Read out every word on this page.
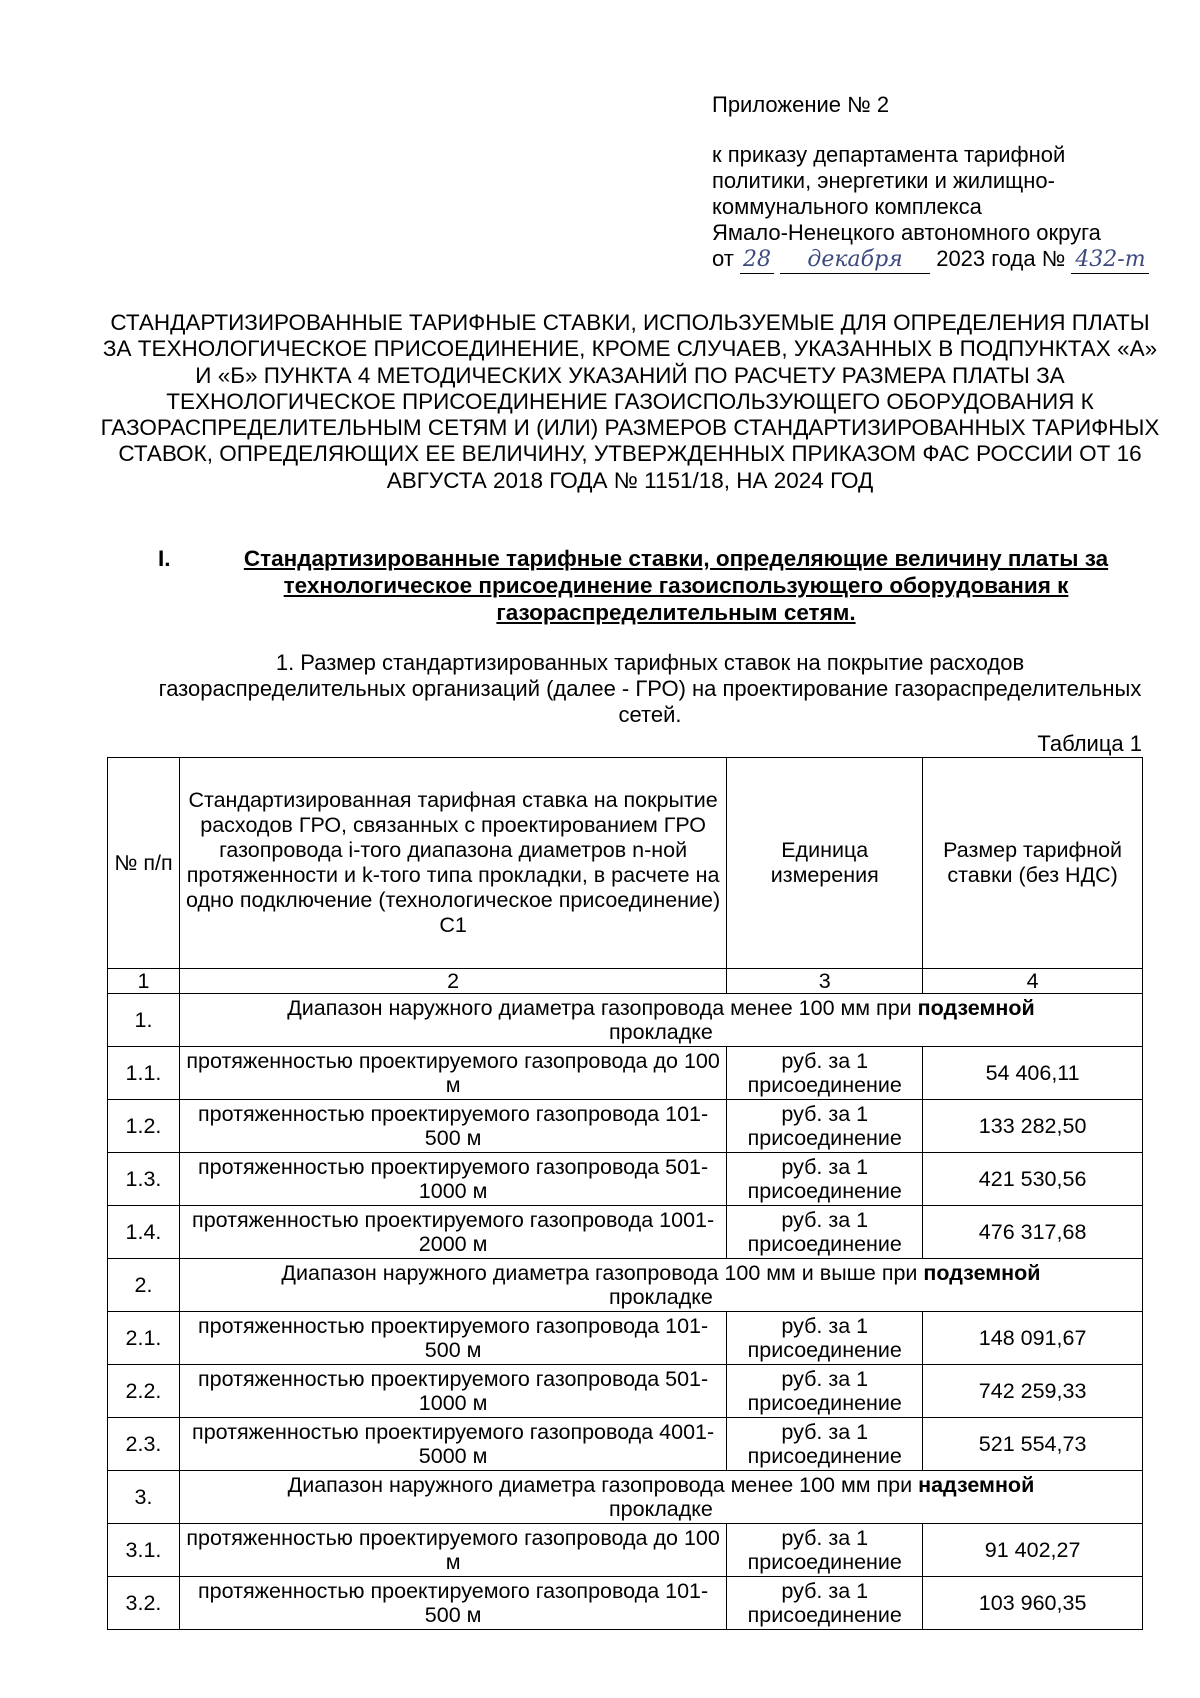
Приложение № 2
к приказу департамента тарифной
политики, энергетики и жилищно-
коммунального комплекса
Ямало-Ненецкого автономного округа
от 28 декабря 2023 года № 432-т
СТАНДАРТИЗИРОВАННЫЕ ТАРИФНЫЕ СТАВКИ, ИСПОЛЬЗУЕМЫЕ ДЛЯ ОПРЕДЕЛЕНИЯ ПЛАТЫ ЗА ТЕХНОЛОГИЧЕСКОЕ ПРИСОЕДИНЕНИЕ, КРОМЕ СЛУЧАЕВ, УКАЗАННЫХ В ПОДПУНКТАХ «А» И «Б» ПУНКТА 4 МЕТОДИЧЕСКИХ УКАЗАНИЙ ПО РАСЧЕТУ РАЗМЕРА ПЛАТЫ ЗА ТЕХНОЛОГИЧЕСКОЕ ПРИСОЕДИНЕНИЕ ГАЗОИСПОЛЬЗУЮЩЕГО ОБОРУДОВАНИЯ К ГАЗОРАСПРЕДЕЛИТЕЛЬНЫМ СЕТЯМ И (ИЛИ) РАЗМЕРОВ СТАНДАРТИЗИРОВАННЫХ ТАРИФНЫХ СТАВОК, ОПРЕДЕЛЯЮЩИХ ЕЕ ВЕЛИЧИНУ, УТВЕРЖДЕННЫХ ПРИКАЗОМ ФАС РОССИИ ОТ 16 АВГУСТА 2018 ГОДА № 1151/18, НА 2024 ГОД
I.	Стандартизированные тарифные ставки, определяющие величину платы за технологическое присоединение газоиспользующего оборудования к газораспределительным сетям.
1. Размер стандартизированных тарифных ставок на покрытие расходов газораспределительных организаций (далее - ГРО) на проектирование газораспределительных сетей.
Таблица 1
№ п/п	Стандартизированная тарифная ставка на покрытие расходов ГРО, связанных с проектированием ГРО газопровода i-того диапазона диаметров n-ной протяженности и k-того типа прокладки, в расчете на одно подключение (технологическое присоединение) С1	Единица измерения	Размер тарифной ставки (без НДС)
1	2	3	4
1.	Диапазон наружного диаметра газопровода менее 100 мм при подземной
прокладке		
1.1.	протяженностью проектируемого газопровода до 100 м	руб. за 1 присоединение	54 406,11
1.2.	протяженностью проектируемого газопровода 101-500 м	руб. за 1 присоединение	133 282,50
1.3.	протяженностью проектируемого газопровода 501-1000 м	руб. за 1 присоединение	421 530,56
1.4.	протяженностью проектируемого газопровода 1001-2000 м	руб. за 1 присоединение	476 317,68
2.	Диапазон наружного диаметра газопровода 100 мм и выше при подземной
прокладке		
2.1.	протяженностью проектируемого газопровода 101-500 м	руб. за 1 присоединение	148 091,67
2.2.	протяженностью проектируемого газопровода 501-1000 м	руб. за 1 присоединение	742 259,33
2.3.	протяженностью проектируемого газопровода 4001-5000 м	руб. за 1 присоединение	521 554,73
3.	Диапазон наружного диаметра газопровода менее 100 мм при надземной
прокладке		
3.1.	протяженностью проектируемого газопровода до 100 м	руб. за 1 присоединение	91 402,27
3.2.	протяженностью проектируемого газопровода 101-500 м	руб. за 1 присоединение	103 960,35
